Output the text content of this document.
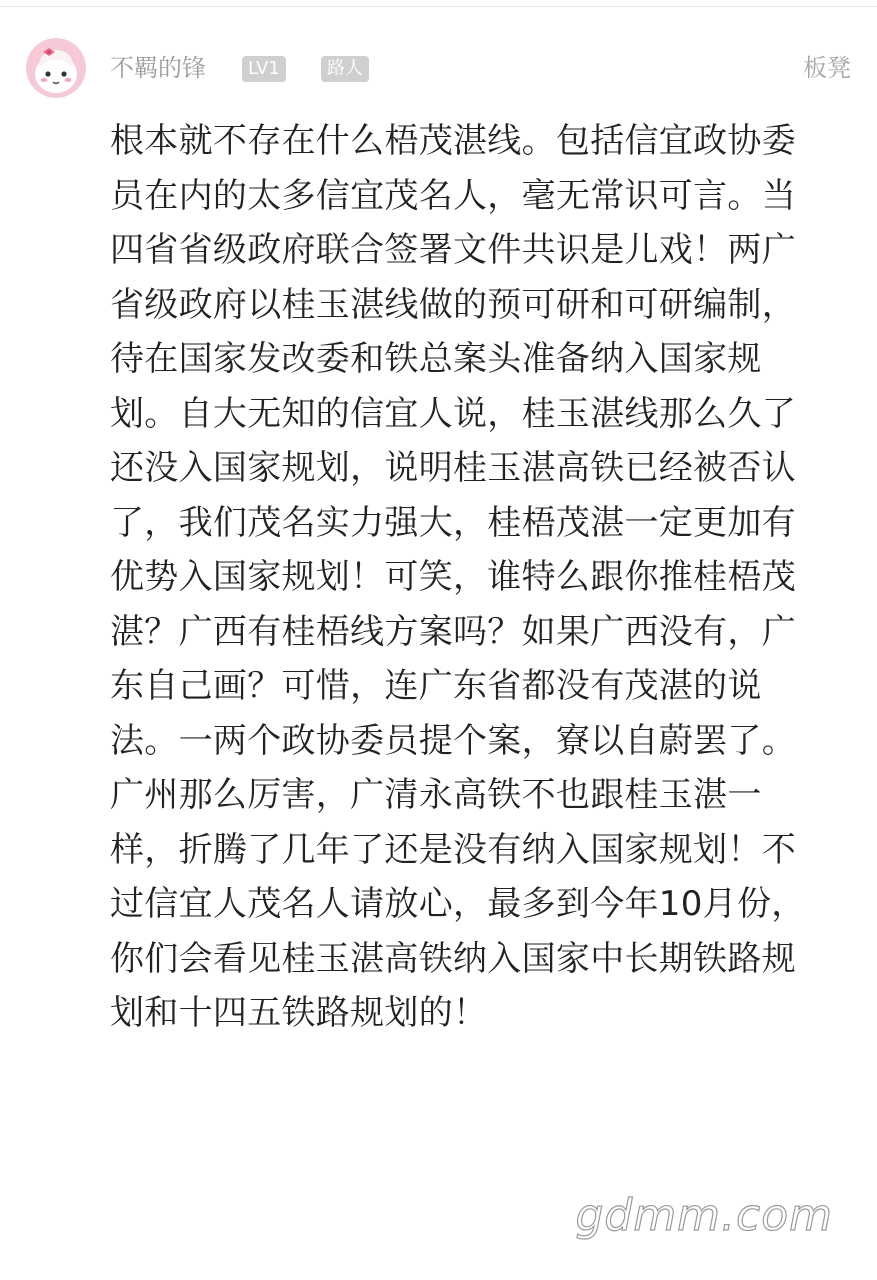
不羁的锋	LV1	路人	板凳

根本就不存在什么梧茂湛线。包括信宜政协委员在内的太多信宜茂名人，毫无常识可言。当四省省级政府联合签署文件共识是儿戏！两广省级政府以桂玉湛线做的预可研和可研编制，待在国家发改委和铁总案头准备纳入国家规划。自大无知的信宜人说，桂玉湛线那么久了还没入国家规划，说明桂玉湛高铁已经被否认了，我们茂名实力强大，桂梧茂湛一定更加有优势入国家规划！可笑，谁特么跟你推桂梧茂湛？广西有桂梧线方案吗？如果广西没有，广东自己画？可惜，连广东省都没有茂湛的说法。一两个政协委员提个案，寮以自蔚罢了。广州那么厉害，广清永高铁不也跟桂玉湛一样，折腾了几年了还是没有纳入国家规划！不过信宜人茂名人请放心，最多到今年10月份，你们会看见桂玉湛高铁纳入国家中长期铁路规划和十四五铁路规划的！

gdmm.com
